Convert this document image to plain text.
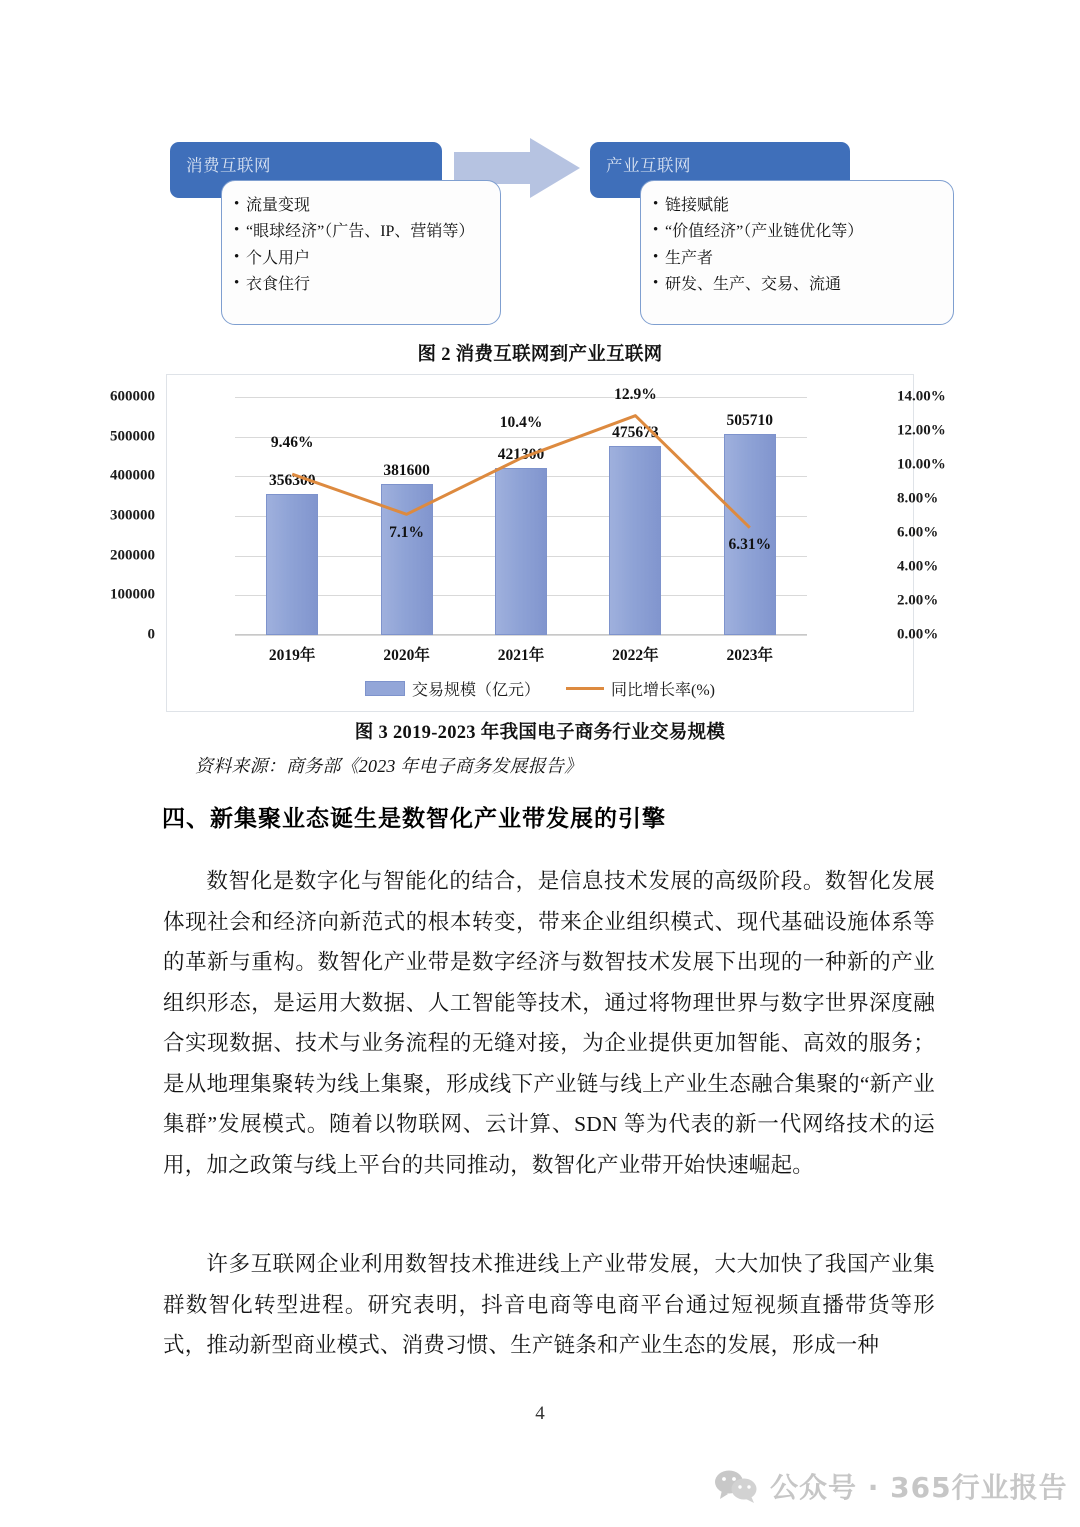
消费互联网	产业互联网
• 流量变现
• “眼球经济”（广告、IP、营销等）
• 个人用户
• 衣食住行
• 链接赋能
• “价值经济”（产业链优化等）
• 生产者
• 研发、生产、交易、流通
图 2 消费互联网到产业互联网
0
100000
200000
300000
400000
500000
600000
0.00%
2.00%
4.00%
6.00%
8.00%
10.00%
12.00%
14.00%
356300
381600
421300
475673
505710
9.46%
7.1%
10.4%
12.9%
6.31%
2019年	2020年	2021年	2022年	2023年
交易规模（亿元）	同比增长率(%)
图 3 2019-2023 年我国电子商务行业交易规模
资料来源：商务部《2023 年电子商务发展报告》
四、新集聚业态诞生是数智化产业带发展的引擎
数智化是数字化与智能化的结合，是信息技术发展的高级阶段。数智化发展体现社会和经济向新范式的根本转变，带来企业组织模式、现代基础设施体系等的革新与重构。数智化产业带是数字经济与数智技术发展下出现的一种新的产业组织形态，是运用大数据、人工智能等技术，通过将物理世界与数字世界深度融合实现数据、技术与业务流程的无缝对接，为企业提供更加智能、高效的服务；是从地理集聚转为线上集聚，形成线下产业链与线上产业生态融合集聚的“新产业集群”发展模式。随着以物联网、云计算、SDN 等为代表的新一代网络技术的运用，加之政策与线上平台的共同推动，数智化产业带开始快速崛起。
许多互联网企业利用数智技术推进线上产业带发展，大大加快了我国产业集群数智化转型进程。研究表明，抖音电商等电商平台通过短视频直播带货等形式，推动新型商业模式、消费习惯、生产链条和产业生态的发展，形成一种
4
公众号 · 365行业报告
